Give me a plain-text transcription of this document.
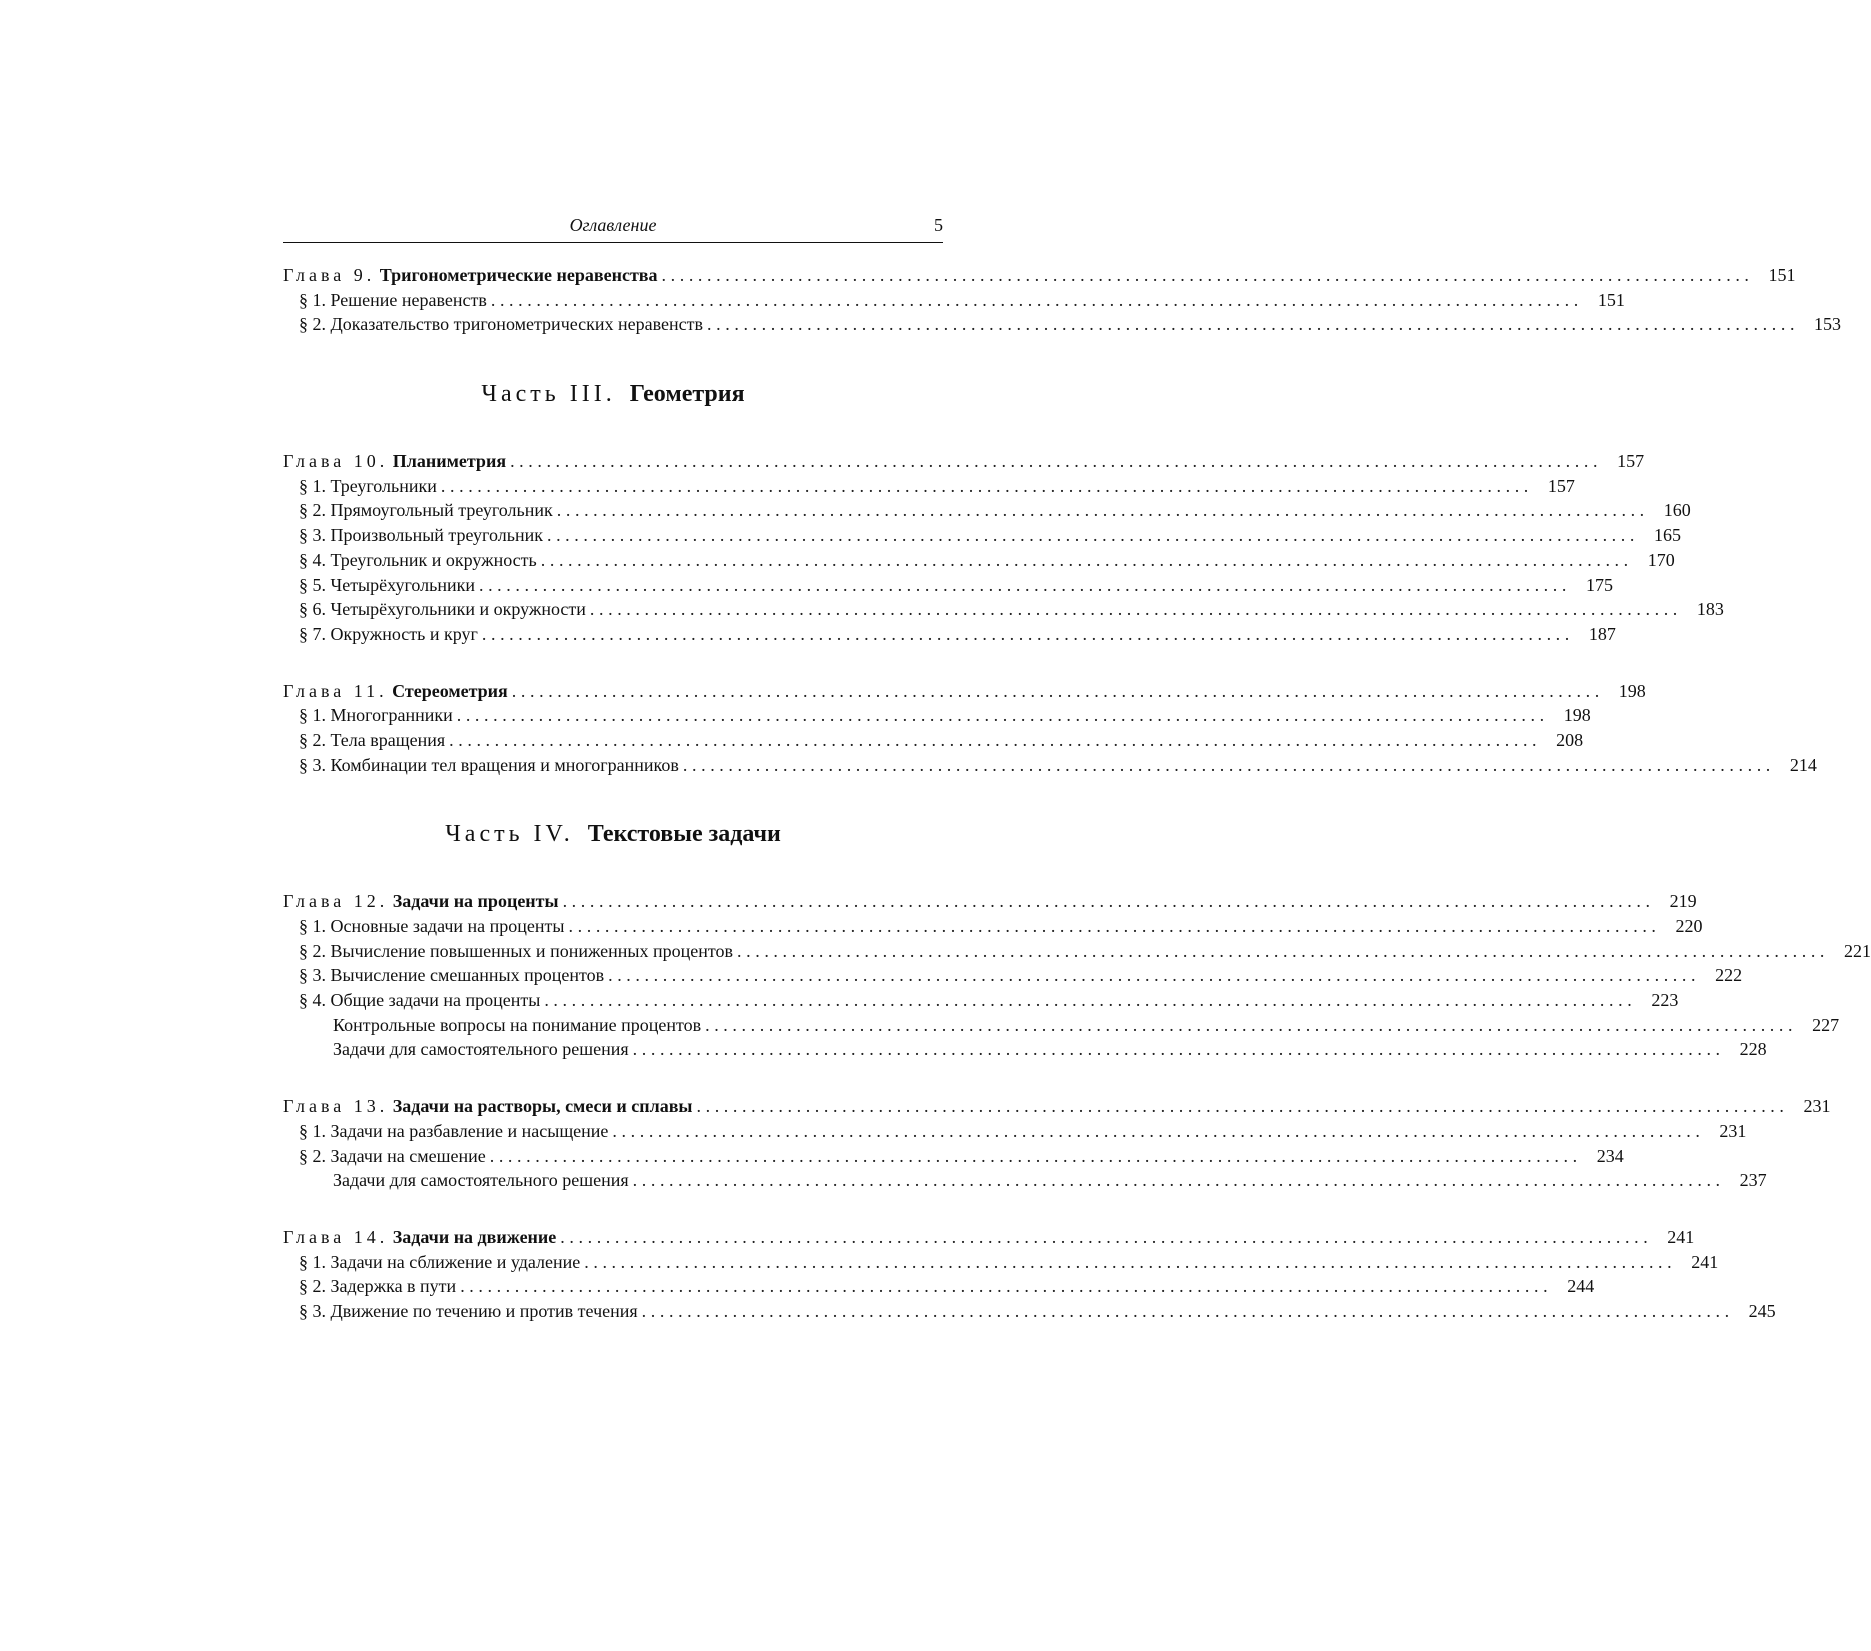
Оглавление	5
Глава 9. Тригонометрические неравенства ........................................................................................................................ 151
§ 1. Решение неравенств ........................................................................................................................ 151
§ 2. Доказательство тригонометрических неравенств ........................................................................................................................ 153
Часть III. Геометрия
Глава 10. Планиметрия ........................................................................................................................ 157
§ 1. Треугольники ........................................................................................................................ 157
§ 2. Прямоугольный треугольник ........................................................................................................................ 160
§ 3. Произвольный треугольник ........................................................................................................................ 165
§ 4. Треугольник и окружность ........................................................................................................................ 170
§ 5. Четырёхугольники ........................................................................................................................ 175
§ 6. Четырёхугольники и окружности ........................................................................................................................ 183
§ 7. Окружность и круг ........................................................................................................................ 187
Глава 11. Стереометрия ........................................................................................................................ 198
§ 1. Многогранники ........................................................................................................................ 198
§ 2. Тела вращения ........................................................................................................................ 208
§ 3. Комбинации тел вращения и многогранников ........................................................................................................................ 214
Часть IV. Текстовые задачи
Глава 12. Задачи на проценты ........................................................................................................................ 219
§ 1. Основные задачи на проценты ........................................................................................................................ 220
§ 2. Вычисление повышенных и пониженных процентов ........................................................................................................................ 221
§ 3. Вычисление смешанных процентов ........................................................................................................................ 222
§ 4. Общие задачи на проценты ........................................................................................................................ 223
Контрольные вопросы на понимание процентов ........................................................................................................................ 227
Задачи для самостоятельного решения ........................................................................................................................ 228
Глава 13. Задачи на растворы, смеси и сплавы ........................................................................................................................ 231
§ 1. Задачи на разбавление и насыщение ........................................................................................................................ 231
§ 2. Задачи на смешение ........................................................................................................................ 234
Задачи для самостоятельного решения ........................................................................................................................ 237
Глава 14. Задачи на движение ........................................................................................................................ 241
§ 1. Задачи на сближение и удаление ........................................................................................................................ 241
§ 2. Задержка в пути ........................................................................................................................ 244
§ 3. Движение по течению и против течения ........................................................................................................................ 245
